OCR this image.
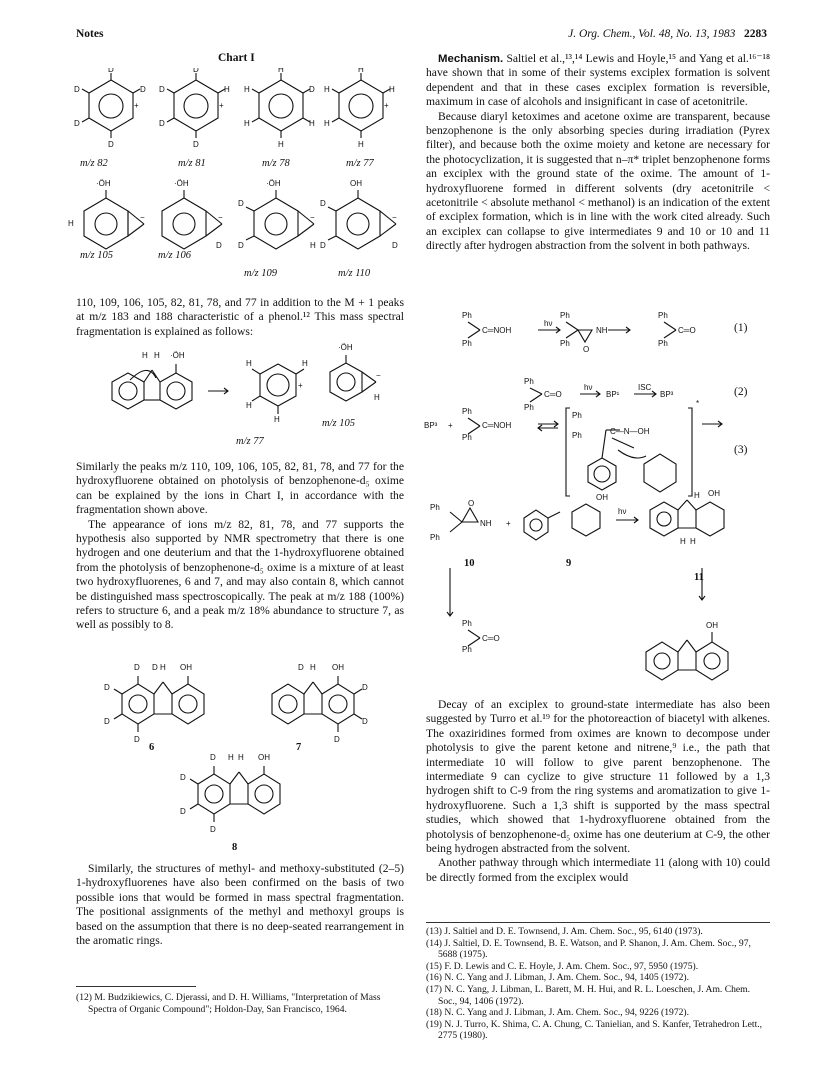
Notes	J. Org. Chem., Vol. 48, No. 13, 1983 2283
Chart I
D
D	D
D
D
+
D
D	H
D
D
+
H
H	D
H	H
H
H
H	H
H
H
+
·ÖH
−
H
·ÖH
−
D
·ÖH
−
D
D	H
OH
−
D
D	D
m/z 82	m/z 81	m/z 78	m/z 77
m/z 105	m/z 106
m/z 109	m/z 110

110, 109, 106, 105, 82, 81, 78, and 77 in addition to the M + 1 peaks at m/z 183 and 188 characteristic of a phenol.¹² This mass spectral fragmentation is explained as follows:

H H ·ÖH
H	H
H
H
+
·ÖH
−
H
m/z 77
m/z 105

Similarly the peaks m/z 110, 109, 106, 105, 82, 81, 78, and 77 for the hydroxyfluorene obtained on photolysis of benzophenone-d₅ oxime can be explained by the ions in Chart I, in accordance with the fragmentation shown above.

The appearance of ions m/z 82, 81, 78, and 77 supports the hypothesis also supported by NMR spectrometry that there is one hydrogen and one deuterium and that the 1-hydroxyfluorene obtained from the photolysis of benzophenone-d₅ oxime is a mixture of at least two hydroxyfluorenes, 6 and 7, and may also contain 8, which cannot be distinguished mass spectroscopically. The peak at m/z 188 (100%) refers to structure 6, and a peak m/z 18% abundance to structure 7, as well as possibly to 8.

D D H OH
D
D
D
D H OH
D
D
D
D H H OH
D
D
D
6	7
8

Similarly, the structures of methyl- and methoxy-substituted (2–5) 1-hydroxyfluorenes have also been confirmed on the basis of two possible ions that would be formed in mass spectral fragmentation. The positional assignments of the methyl and methoxyl groups is based on the assumption that there is no deep-seated rearrangement in the aromatic rings.

(12) M. Budzikiewics, C. Djerassi, and D. H. Williams, "Interpretation of Mass Spectra of Organic Compound"; Holdon-Day, San Francisco, 1964.

Mechanism. Saltiel et al.,¹³,¹⁴ Lewis and Hoyle,¹⁵ and Yang et al.¹⁶⁻¹⁸ have shown that in some of their systems exciplex formation is solvent dependent and that in these cases exciplex formation is reversible, maximum in case of alcohols and insignificant in case of acetonitrile.

Because diaryl ketoximes and acetone oxime are transparent, because benzophenone is the only absorbing species during irradiation (Pyrex filter), and because both the oxime moiety and ketone are necessary for the photocyclization, it is suggested that n–π* triplet benzophenone forms an exciplex with the ground state of the oxime. The amount of 1-hydroxyfluorene formed in different solvents (dry acetonitrile < acetonitrile < absolute methanol < methanol) is an indication of the extent of exciplex formation, which is in line with the work cited already. Such an exciplex can collapse to give intermediates 9 and 10 or 10 and 11 directly after hydrogen abstraction from the solvent in both pathways.

Ph
Ph
C═NOH
hν
Ph
Ph
NH
O
Ph
Ph
C═O
Ph
Ph
C═O
hν
BP¹
ISC
BP³
BP³ +
Ph
Ph
C═NOH
Ph
Ph	C—N—OH
*
Ph
Ph
NH
O
+
OH
hν
OH
H
H H
Ph
Ph
C═O
OH
(1)
(2)
(3)
10	9
11

Decay of an exciplex to ground-state intermediate has also been suggested by Turro et al.¹⁹ for the photoreaction of biacetyl with alkenes. The oxaziridines formed from oximes are known to decompose under photolysis to give the parent ketone and nitrene,⁹ i.e., the path that intermediate 10 will follow to give parent benzophenone. The intermediate 9 can cyclize to give structure 11 followed by a 1,3 hydrogen shift to C-9 from the ring systems and aromatization to give 1-hydroxyfluorene. Such a 1,3 shift is supported by the mass spectral studies, which showed that 1-hydroxyfluorene obtained from the photolysis of benzophenone-d₅ oxime has one deuterium at C-9, the other being hydrogen abstracted from the solvent.

Another pathway through which intermediate 11 (along with 10) could be directly formed from the exciplex would

(13) J. Saltiel and D. E. Townsend, J. Am. Chem. Soc., 95, 6140 (1973).
(14) J. Saltiel, D. E. Townsend, B. E. Watson, and P. Shanon, J. Am. Chem. Soc., 97, 5688 (1975).
(15) F. D. Lewis and C. E. Hoyle, J. Am. Chem. Soc., 97, 5950 (1975).
(16) N. C. Yang and J. Libman, J. Am. Chem. Soc., 94, 1405 (1972).
(17) N. C. Yang, J. Libman, L. Barett, M. H. Hui, and R. L. Loeschen, J. Am. Chem. Soc., 94, 1406 (1972).
(18) N. C. Yang and J. Libman, J. Am. Chem. Soc., 94, 9226 (1972).
(19) N. J. Turro, K. Shima, C. A. Chung, C. Tanielian, and S. Kanfer, Tetrahedron Lett., 2775 (1980).
